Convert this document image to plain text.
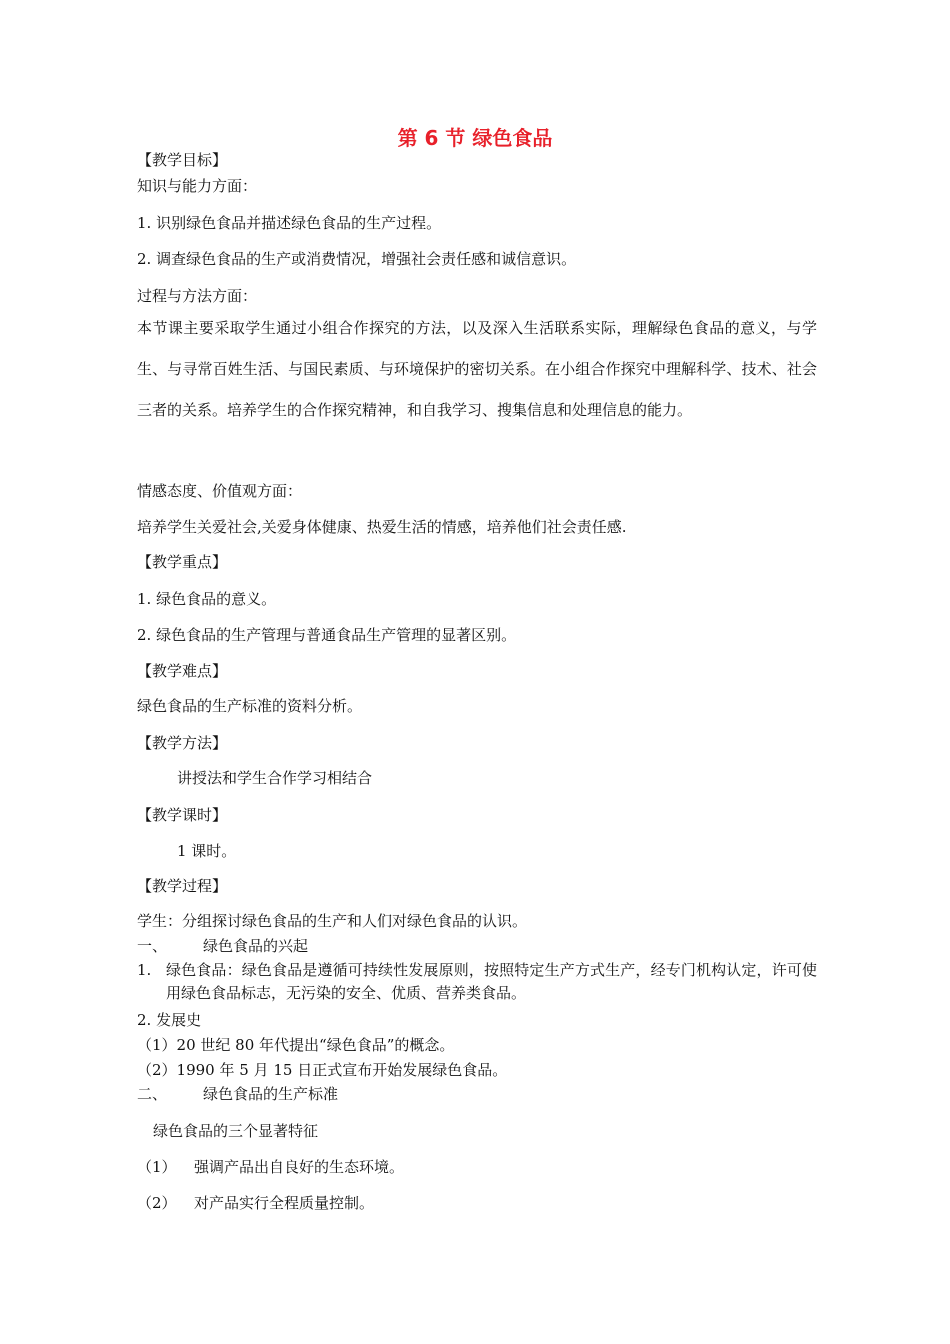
第 6 节 绿色食品
【教学目标】
知识与能力方面：
1. 识别绿色食品并描述绿色食品的生产过程。
2. 调查绿色食品的生产或消费情况，增强社会责任感和诚信意识。
过程与方法方面：
本节课主要采取学生通过小组合作探究的方法，以及深入生活联系实际，理解绿色食品的意义，与学生、与寻常百姓生活、与国民素质、与环境保护的密切关系。在小组合作探究中理解科学、技术、社会三者的关系。培养学生的合作探究精神，和自我学习、搜集信息和处理信息的能力。
情感态度、价值观方面：
培养学生关爱社会,关爱身体健康、热爱生活的情感，培养他们社会责任感.
【教学重点】
1. 绿色食品的意义。
2. 绿色食品的生产管理与普通食品生产管理的显著区别。
【教学难点】
绿色食品的生产标准的资料分析。
【教学方法】
讲授法和学生合作学习相结合
【教学课时】
1 课时。
【教学过程】
学生：分组探讨绿色食品的生产和人们对绿色食品的认识。
一、 绿色食品的兴起
1. 绿色食品：绿色食品是遵循可持续性发展原则，按照特定生产方式生产，经专门机构认定，许可使用绿色食品标志，无污染的安全、优质、营养类食品。
2. 发展史
（1）20 世纪 80 年代提出“绿色食品”的概念。
（2）1990 年 5 月 15 日正式宣布开始发展绿色食品。
二、 绿色食品的生产标准
绿色食品的三个显著特征
（1） 强调产品出自良好的生态环境。
（2） 对产品实行全程质量控制。
